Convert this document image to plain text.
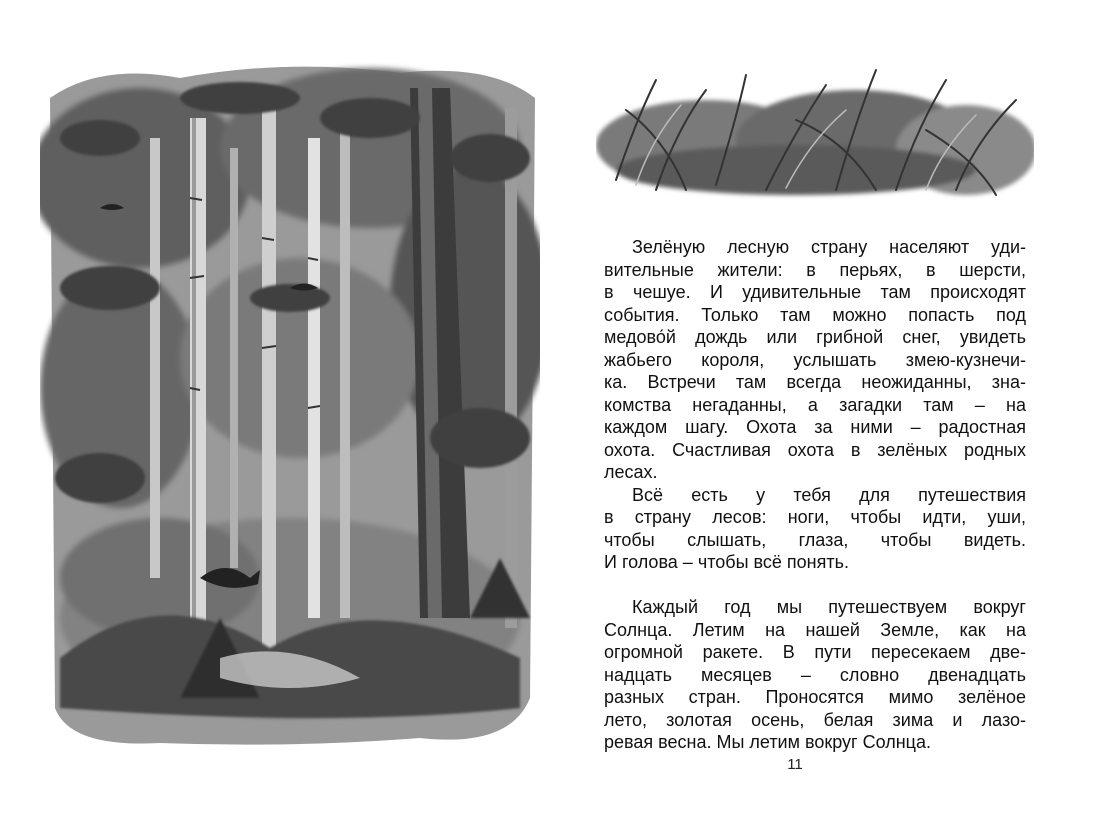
Зелёную лесную страну населяют уди-
вительные жители: в перьях, в шерсти,
в чешуе. И удивительные там происходят
события. Только там можно попасть под
медово́й дождь или грибной снег, увидеть
жабьего короля, услышать змею-кузнечи-
ка. Встречи там всегда неожиданны, зна-
комства негаданны, а загадки там – на
каждом шагу. Охота за ними – радостная
охота. Счастливая охота в зелёных родных
лесах.
Всё есть у тебя для путешествия
в страну лесов: ноги, чтобы идти, уши,
чтобы слышать, глаза, чтобы видеть.
И голова – чтобы всё понять.
Каждый год мы путешествуем вокруг
Солнца. Летим на нашей Земле, как на
огромной ракете. В пути пересекаем две-
надцать месяцев – словно двенадцать
разных стран. Проносятся мимо зелёное
лето, золотая осень, белая зима и лазо-
ревая весна. Мы летим вокруг Солнца.
11
